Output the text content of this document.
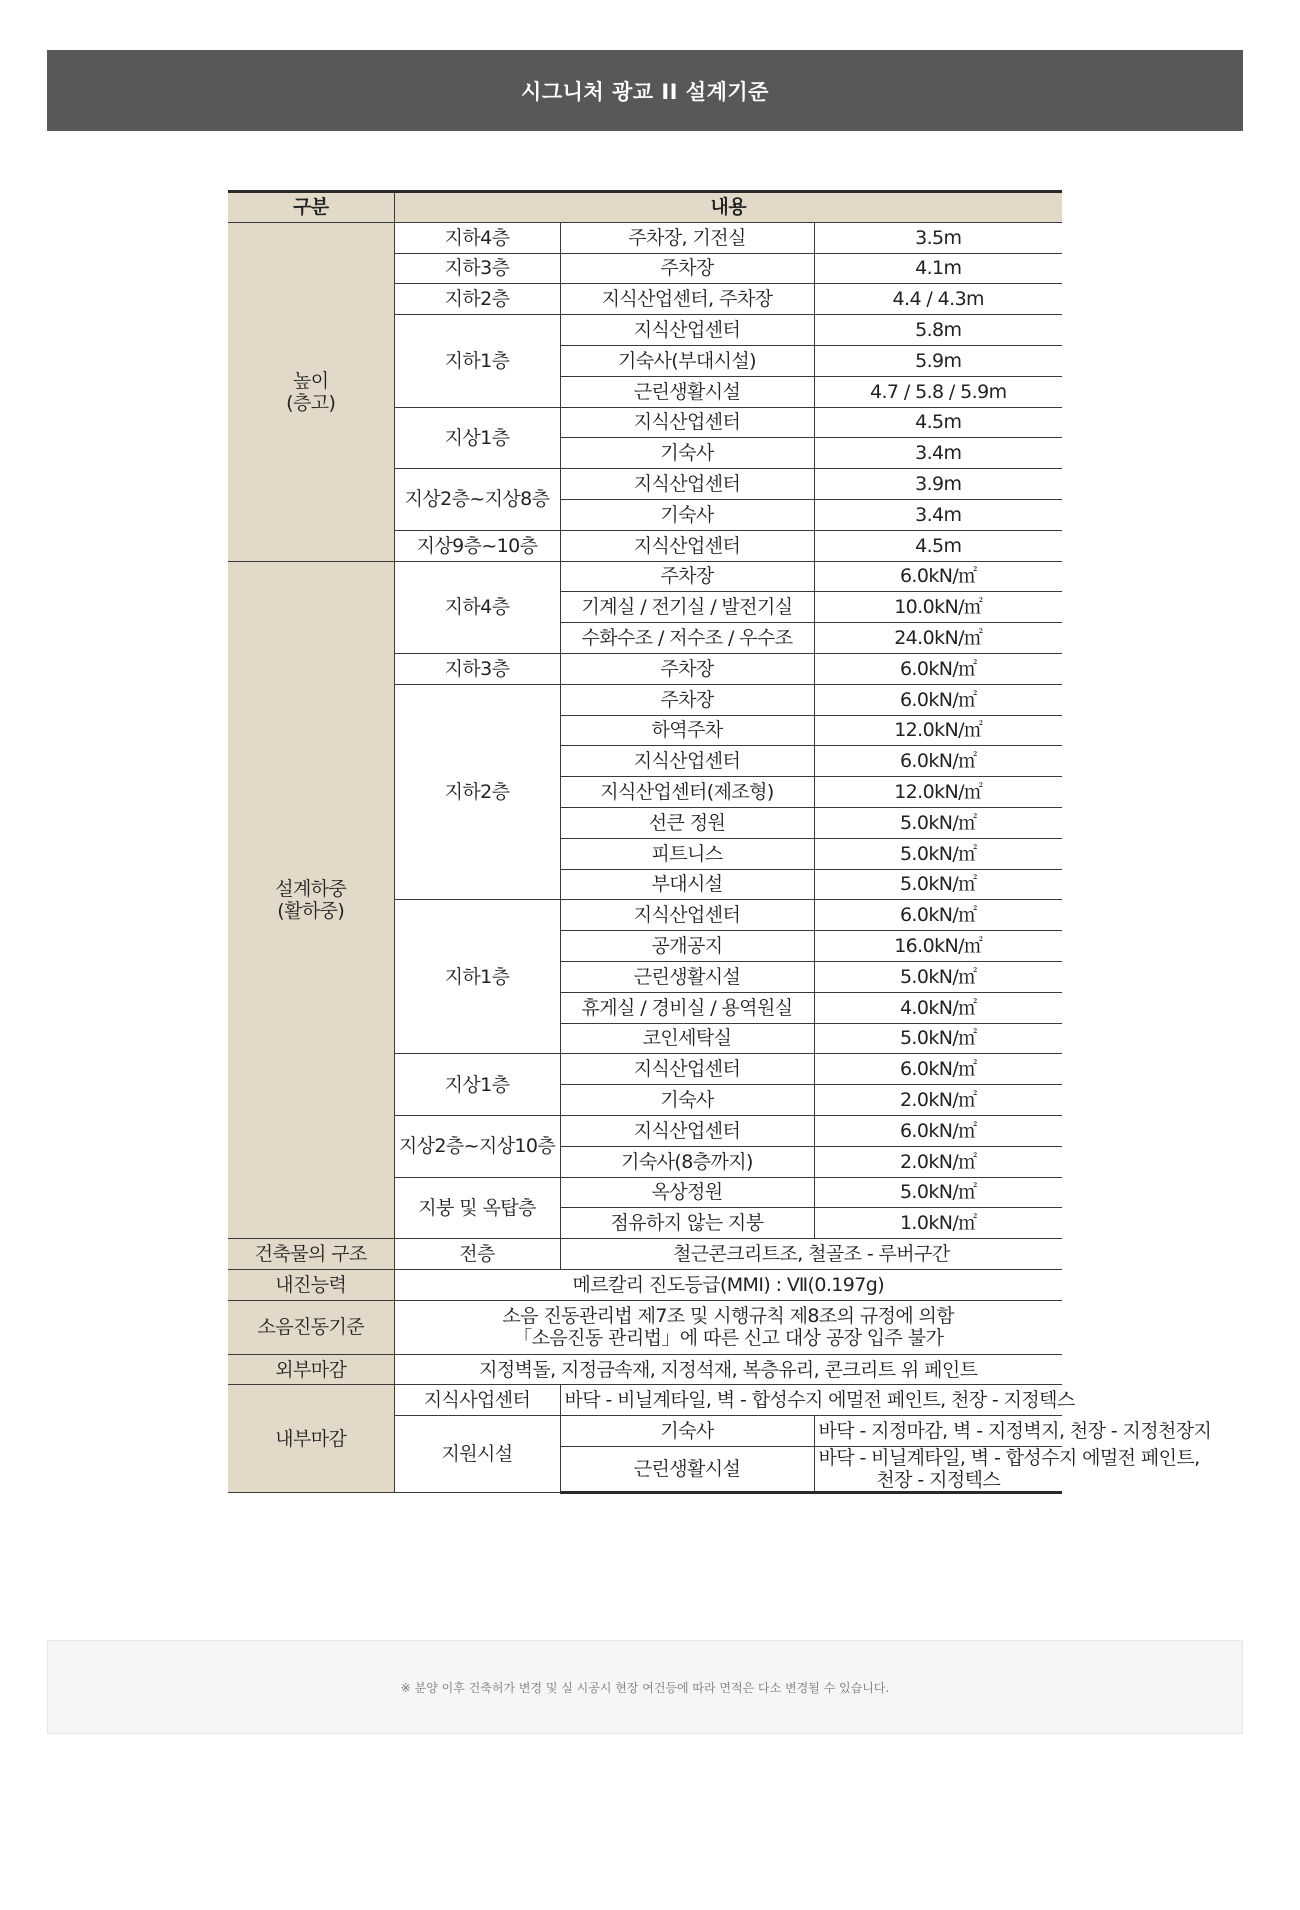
시그니처 광교 II 설계기준
구분	내용		
높이
(층고)	지하4층	주차장, 기전실	3.5m
	지하3층	주차장	4.1m
	지하2층	지식산업센터, 주차장	4.4 / 4.3m
	지하1층	지식산업센터	5.8m
		기숙사(부대시설)	5.9m
		근린생활시설	4.7 / 5.8 / 5.9m
	지상1층	지식산업센터	4.5m
		기숙사	3.4m
	지상2층~지상8층	지식산업센터	3.9m
		기숙사	3.4m
	지상9층~10층	지식산업센터	4.5m
설계하중
(활하중)	지하4층	주차장	6.0kN/㎡
		기계실 / 전기실 / 발전기실	10.0kN/㎡
		수화수조 / 저수조 / 우수조	24.0kN/㎡
	지하3층	주차장	6.0kN/㎡
	지하2층	주차장	6.0kN/㎡
		하역주차	12.0kN/㎡
		지식산업센터	6.0kN/㎡
		지식산업센터(제조형)	12.0kN/㎡
		선큰 정원	5.0kN/㎡
		피트니스	5.0kN/㎡
		부대시설	5.0kN/㎡
	지하1층	지식산업센터	6.0kN/㎡
		공개공지	16.0kN/㎡
		근린생활시설	5.0kN/㎡
		휴게실 / 경비실 / 용역원실	4.0kN/㎡
		코인세탁실	5.0kN/㎡
	지상1층	지식산업센터	6.0kN/㎡
		기숙사	2.0kN/㎡
	지상2층~지상10층	지식산업센터	6.0kN/㎡
		기숙사(8층까지)	2.0kN/㎡
	지붕 및 옥탑층	옥상정원	5.0kN/㎡
		점유하지 않는 지붕	1.0kN/㎡
건축물의 구조	전층	철근콘크리트조, 철골조 - 루버구간	
내진능력	메르칼리 진도등급(MMI) : Ⅶ(0.197g)		
소음진동기준	소음 진동관리법 제7조 및 시행규칙 제8조의 규정에 의함
「소음진동 관리법」에 따른 신고 대상 공장 입주 불가		
외부마감	지정벽돌, 지정금속재, 지정석재, 복층유리, 콘크리트 위 페인트		
내부마감	지식사업센터	바닥 - 비닐계타일, 벽 - 합성수지 에멀전 페인트, 천장 - 지정텍스	
	지원시설	기숙사	바닥 - 지정마감, 벽 - 지정벽지, 천장 - 지정천장지
		근린생활시설	바닥 - 비닐계타일, 벽 - 합성수지 에멀전 페인트,
천장 - 지정텍스
※ 분양 이후 건축허가 변경 및 실 시공시 현장 여건등에 따라 면적은 다소 변경될 수 있습니다.
